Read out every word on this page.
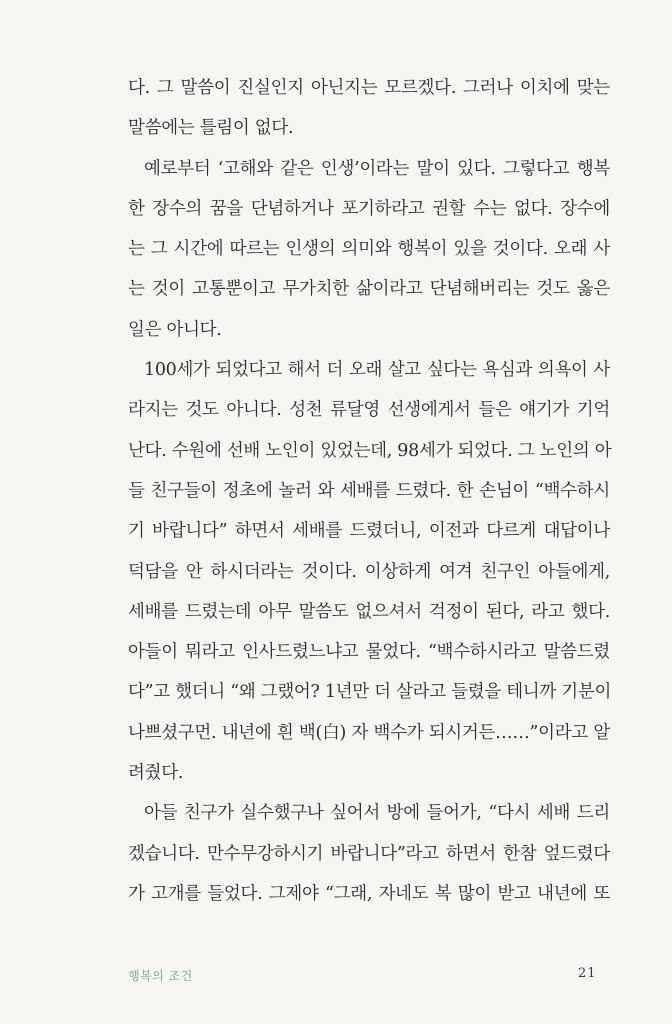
다. 그 말씀이 진실인지 아닌지는 모르겠다. 그러나 이치에 맞는
말씀에는 틀림이 없다.
예로부터 ‘고해와 같은 인생’이라는 말이 있다. 그렇다고 행복
한 장수의 꿈을 단념하거나 포기하라고 권할 수는 없다. 장수에
는 그 시간에 따르는 인생의 의미와 행복이 있을 것이다. 오래 사
는 것이 고통뿐이고 무가치한 삶이라고 단념해버리는 것도 옳은
일은 아니다.
100세가 되었다고 해서 더 오래 살고 싶다는 욕심과 의욕이 사
라지는 것도 아니다. 성천 류달영 선생에게서 들은 얘기가 기억
난다. 수원에 선배 노인이 있었는데, 98세가 되었다. 그 노인의 아
들 친구들이 정초에 놀러 와 세배를 드렸다. 한 손님이 “백수하시
기 바랍니다” 하면서 세배를 드렸더니, 이전과 다르게 대답이나
덕담을 안 하시더라는 것이다. 이상하게 여겨 친구인 아들에게,
세배를 드렸는데 아무 말씀도 없으셔서 걱정이 된다, 라고 했다.
아들이 뭐라고 인사드렸느냐고 물었다. “백수하시라고 말씀드렸
다”고 했더니 “왜 그랬어? 1년만 더 살라고 들렸을 테니까 기분이
나쁘셨구먼. 내년에 흰 백(白) 자 백수가 되시거든……”이라고 알
려줬다.
아들 친구가 실수했구나 싶어서 방에 들어가, “다시 세배 드리
겠습니다. 만수무강하시기 바랍니다”라고 하면서 한참 엎드렸다
가 고개를 들었다. 그제야 “그래, 자네도 복 많이 받고 내년에 또
행복의 조건	21
